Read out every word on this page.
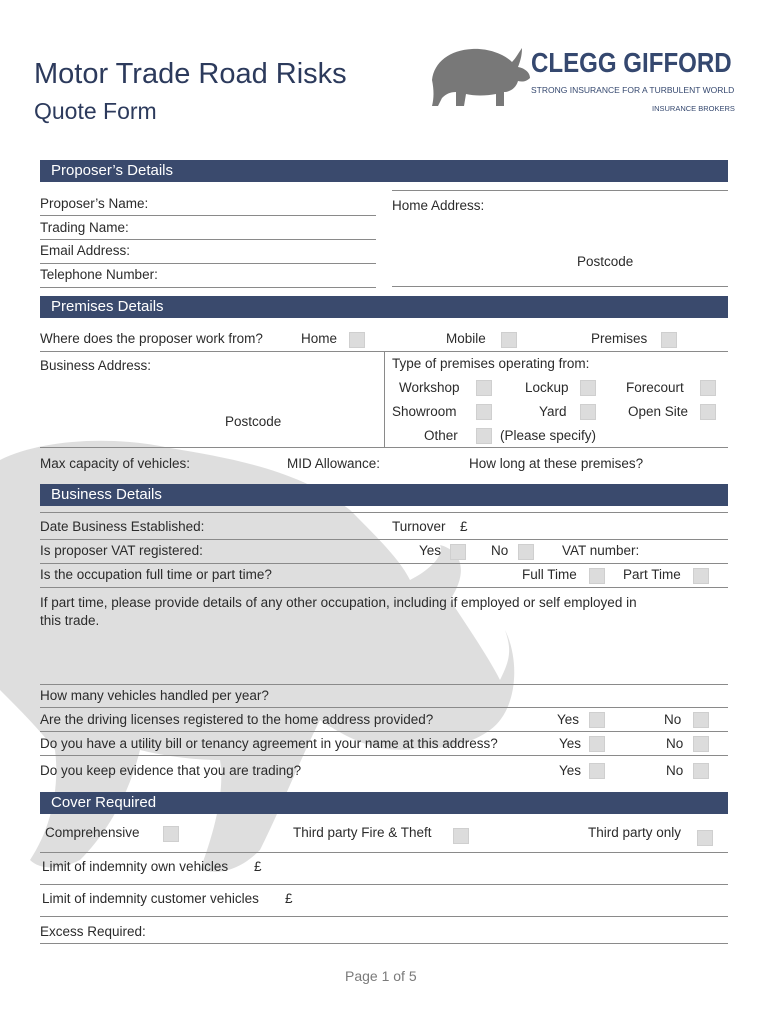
Motor Trade Road Risks
Quote Form
CLEGG GIFFORD
STRONG INSURANCE FOR A TURBULENT WORLD
INSURANCE BROKERS
Proposer’s Details
Proposer’s Name:
Trading Name:
Email Address:
Telephone Number:
Home Address:
Postcode
Premises Details
Where does the proposer work from?	Home	Mobile	Premises
Business Address:
Postcode
Type of premises operating from:
Workshop	Lockup	Forecourt
Showroom	Yard	Open Site
Other	(Please specify)
Max capacity of vehicles:	MID Allowance:	How long at these premises?
Business Details
Date Business Established:	Turnover £
Is proposer VAT registered:	Yes	No	VAT number:
Is the occupation full time or part time?	Full Time	Part Time
If part time, please provide details of any other occupation, including if employed or self employed in
this trade.
How many vehicles handled per year?
Are the driving licenses registered to the home address provided?	Yes	No
Do you have a utility bill or tenancy agreement in your name at this address?	Yes	No
Do you keep evidence that you are trading?	Yes	No
Cover Required
Comprehensive	Third party Fire & Theft	Third party only
Limit of indemnity own vehicles £
Limit of indemnity customer vehicles £
Excess Required:
Page 1 of 5
